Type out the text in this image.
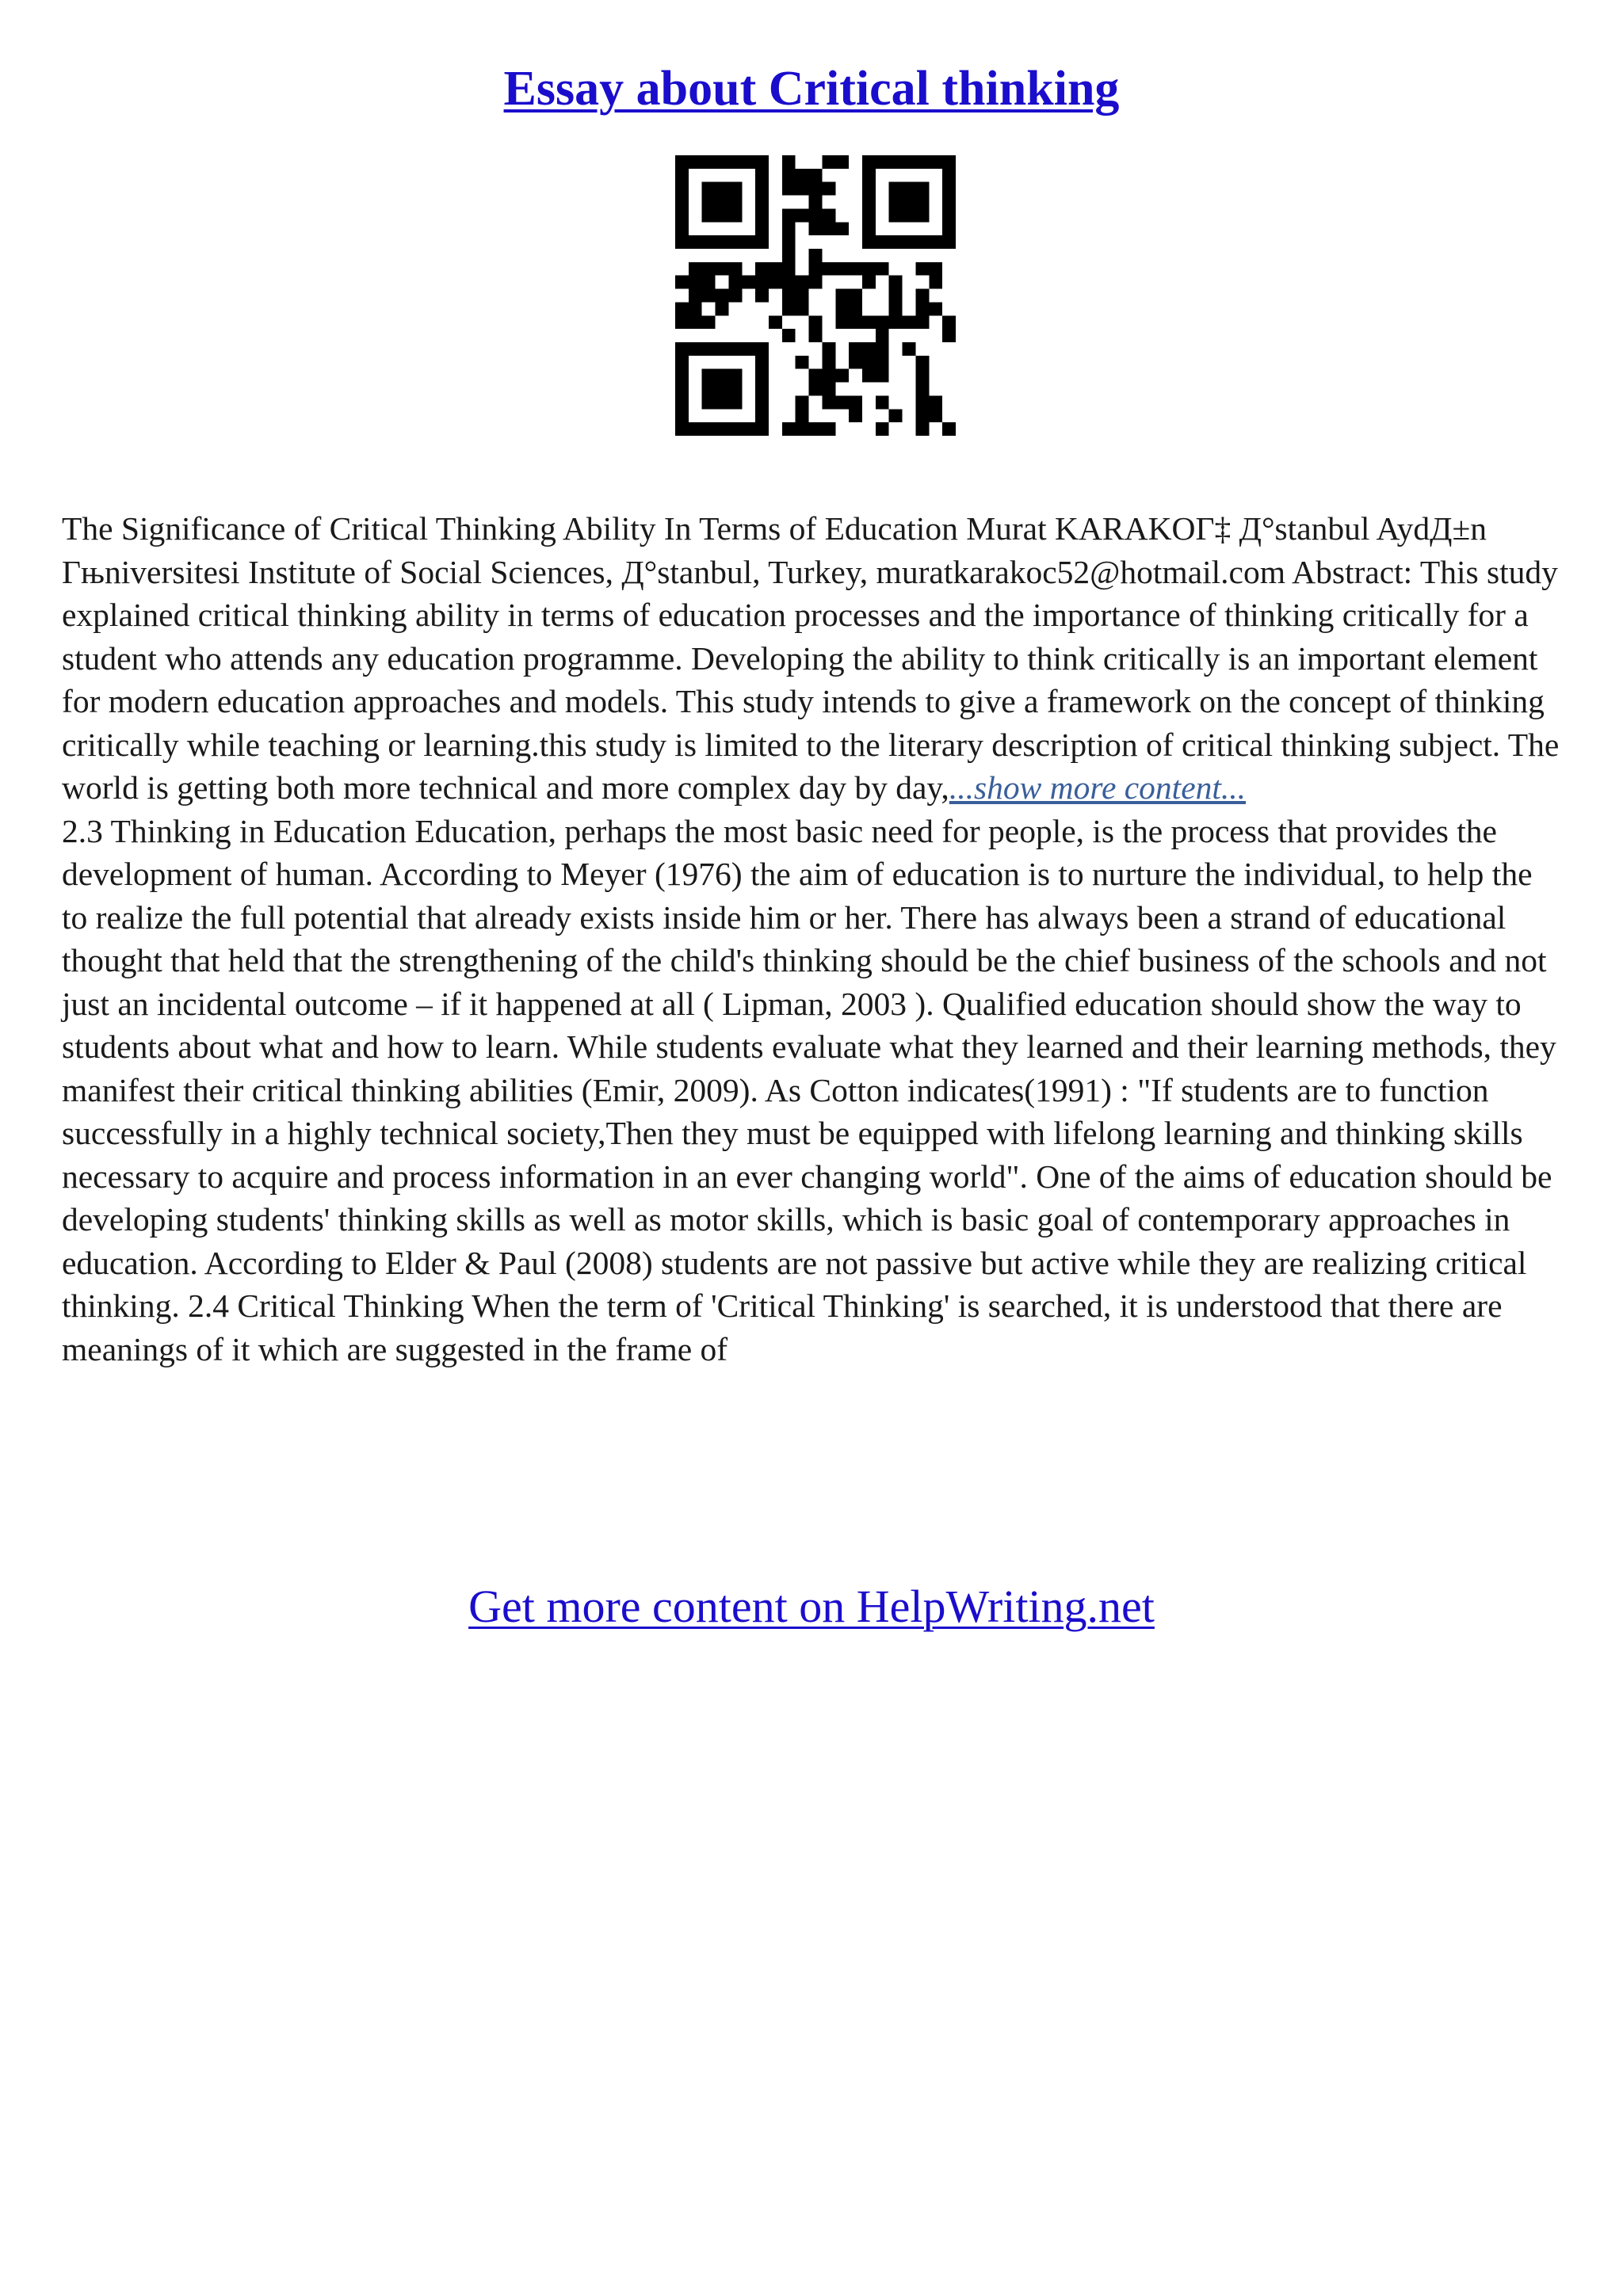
Essay about Critical thinking

The Significance of Critical Thinking Ability In Terms of Education Murat KARAKOГ‡ Д°stanbul AydД±n Гњniversitesi Institute of Social Sciences, Д°stanbul, Turkey, muratkarakoc52@hotmail.com Abstract: This study explained critical thinking ability in terms of education processes and the importance of thinking critically for a student who attends any education programme. Developing the ability to think critically is an important element for modern education approaches and models. This study intends to give a framework on the concept of thinking critically while teaching or learning.this study is limited to the literary description of critical thinking subject. The world is getting both more technical and more complex day by day,...show more content...

2.3 Thinking in Education Education, perhaps the most basic need for people, is the process that provides the development of human. According to Meyer (1976) the aim of education is to nurture the individual, to help the to realize the full potential that already exists inside him or her. There has always been a strand of educational thought that held that the strengthening of the child's thinking should be the chief business of the schools and not just an incidental outcome – if it happened at all ( Lipman, 2003 ). Qualified education should show the way to students about what and how to learn. While students evaluate what they learned and their learning methods, they manifest their critical thinking abilities (Emir, 2009). As Cotton indicates(1991) : "If students are to function successfully in a highly technical society,Then they must be equipped with lifelong learning and thinking skills necessary to acquire and process information in an ever changing world". One of the aims of education should be developing students' thinking skills as well as motor skills, which is basic goal of contemporary approaches in education. According to Elder & Paul (2008) students are not passive but active while they are realizing critical thinking. 2.4 Critical Thinking When the term of 'Critical Thinking' is searched, it is understood that there are meanings of it which are suggested in the frame of

Get more content on HelpWriting.net
